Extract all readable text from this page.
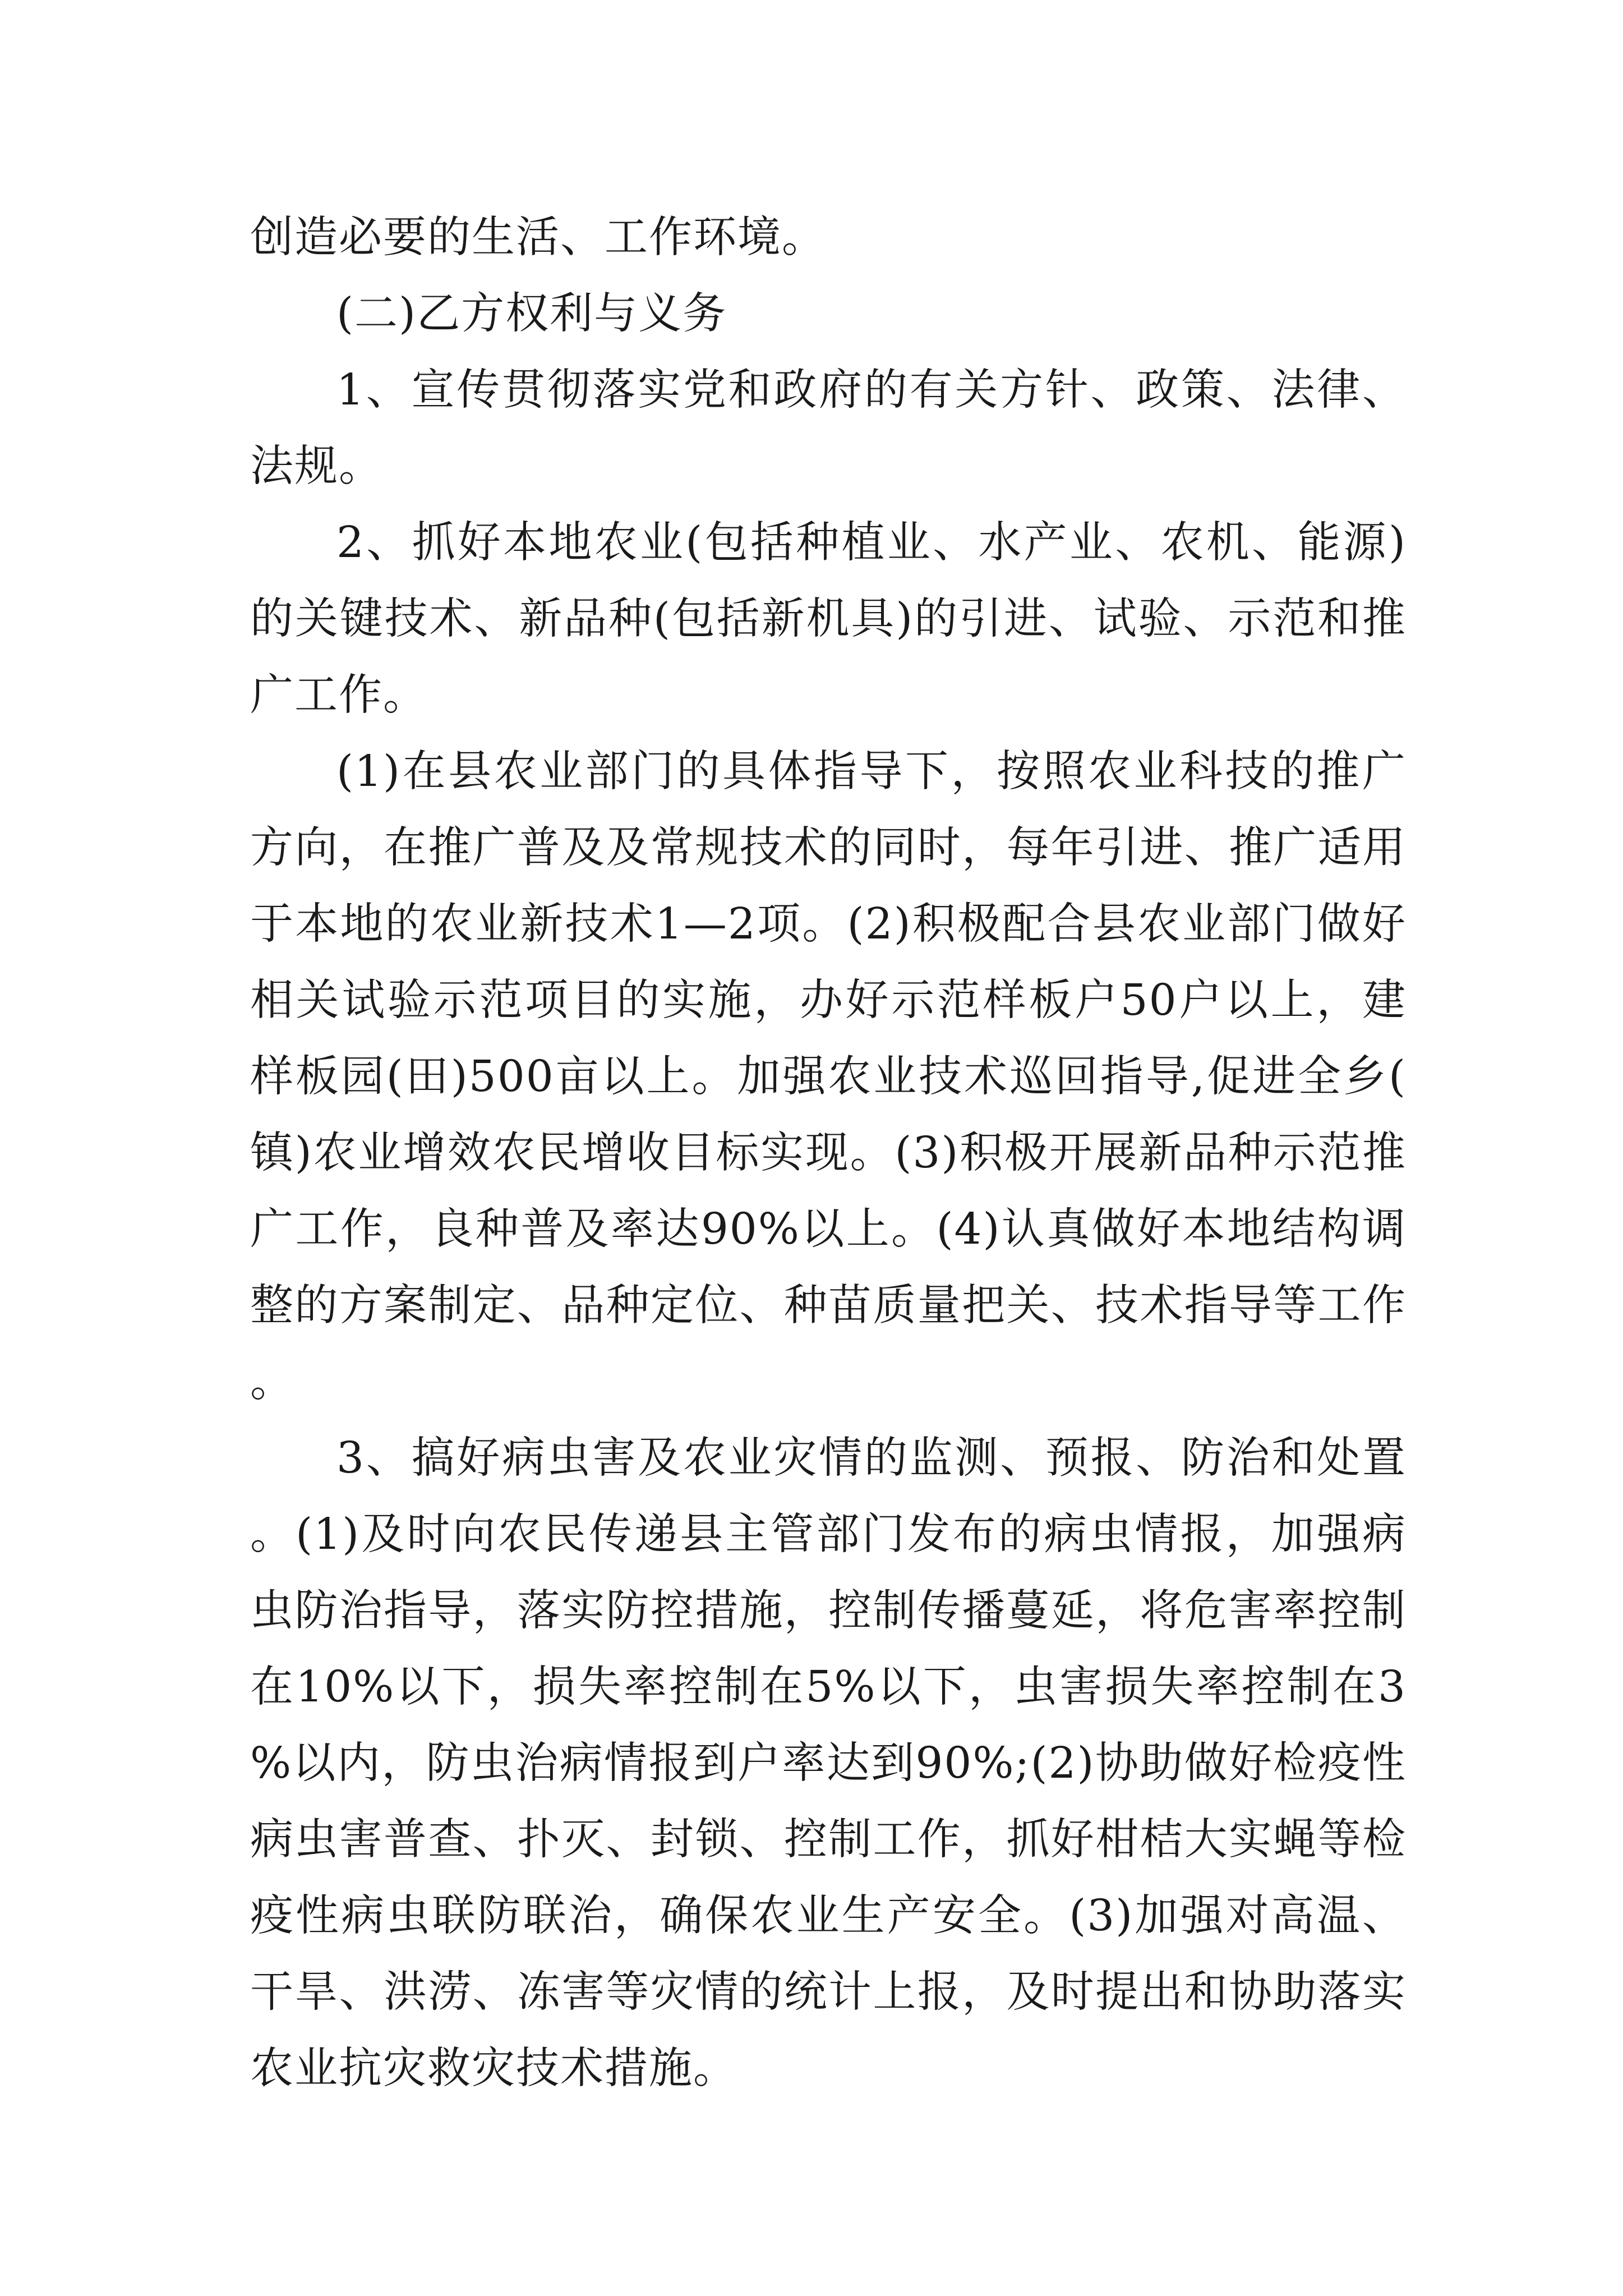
创造必要的生活、工作环境。

(二)乙方权利与义务

1、宣传贯彻落实党和政府的有关方针、政策、法律、法规。

2、抓好本地农业(包括种植业、水产业、农机、能源)的关键技术、新品种(包括新机具)的引进、试验、示范和推广工作。

(1)在县农业部门的具体指导下，按照农业科技的推广方向，在推广普及及常规技术的同时，每年引进、推广适用于本地的农业新技术1—2项。(2)积极配合县农业部门做好相关试验示范项目的实施，办好示范样板户50户以上，建样板园(田)500亩以上。加强农业技术巡回指导,促进全乡(镇)农业增效农民增收目标实现。(3)积极开展新品种示范推广工作，良种普及率达90%以上。(4)认真做好本地结构调整的方案制定、品种定位、种苗质量把关、技术指导等工作。

3、搞好病虫害及农业灾情的监测、预报、防治和处置。(1)及时向农民传递县主管部门发布的病虫情报，加强病虫防治指导，落实防控措施，控制传播蔓延，将危害率控制在10%以下，损失率控制在5%以下，虫害损失率控制在3%以内，防虫治病情报到户率达到90%;(2)协助做好检疫性病虫害普查、扑灭、封锁、控制工作，抓好柑桔大实蝇等检疫性病虫联防联治，确保农业生产安全。(3)加强对高温、干旱、洪涝、冻害等灾情的统计上报，及时提出和协助落实农业抗灾救灾技术措施。
